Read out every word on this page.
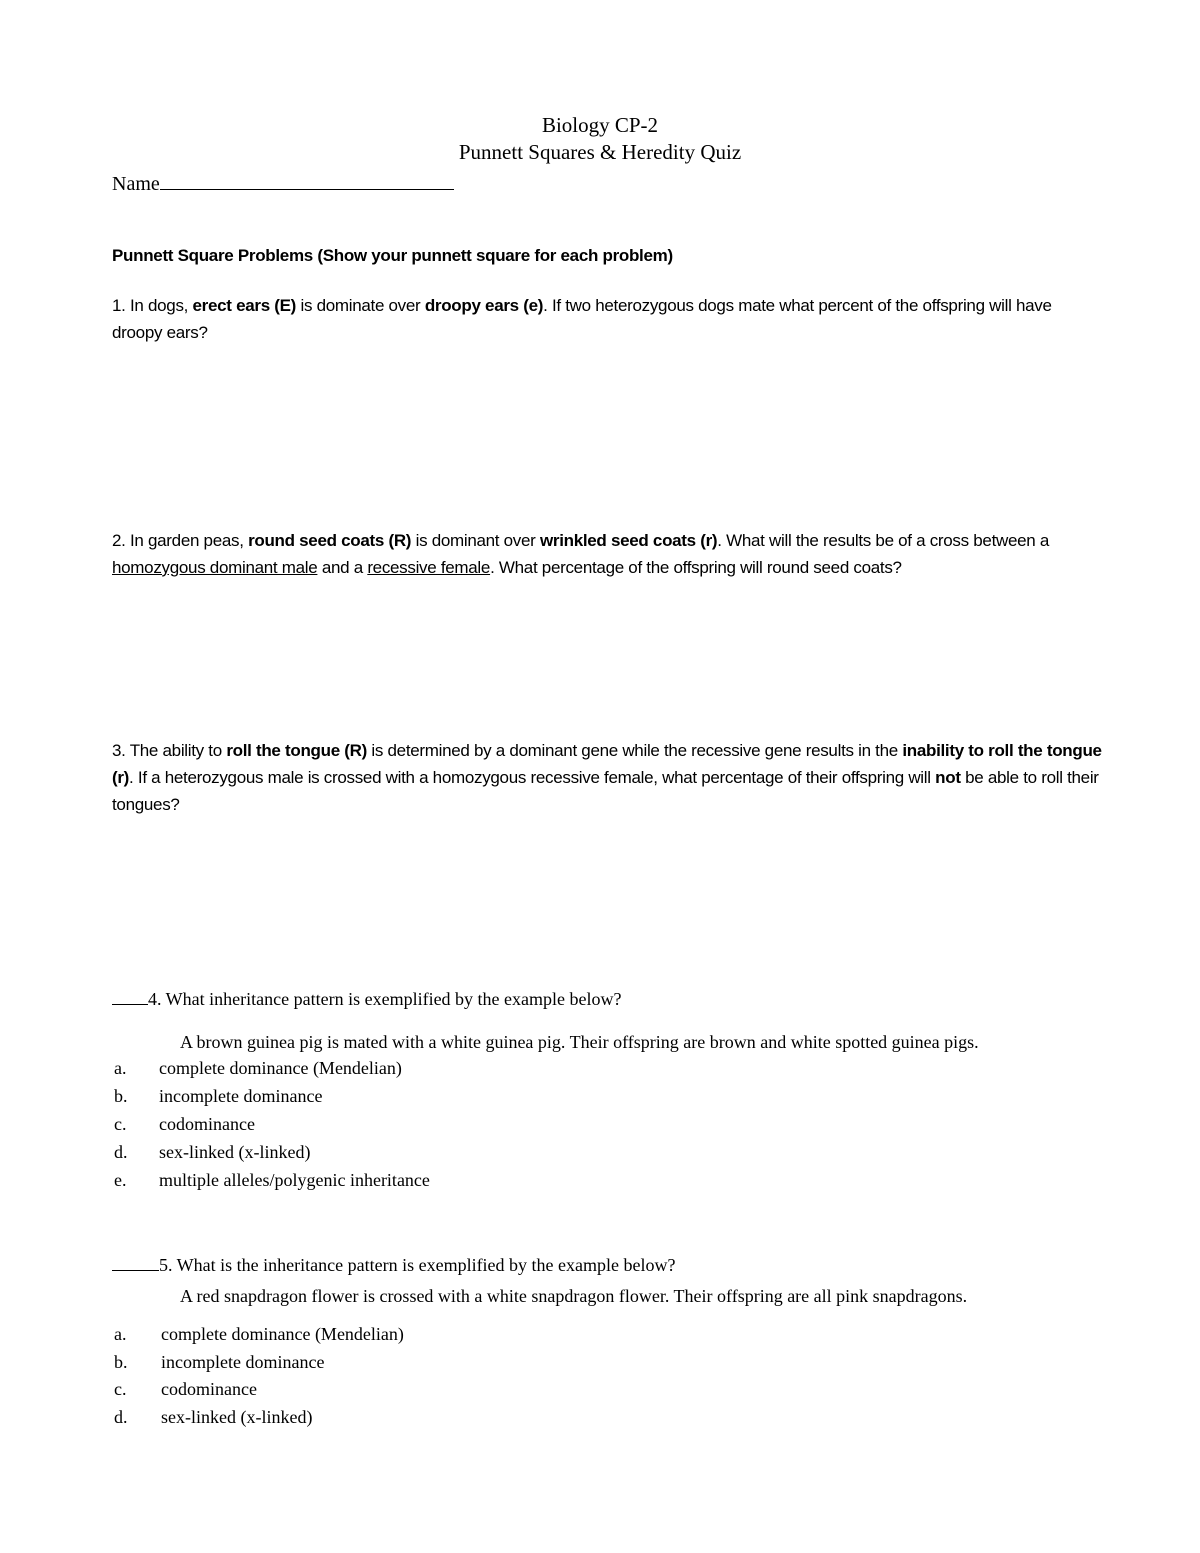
Biology CP-2
Punnett Squares & Heredity Quiz
Name
Punnett Square Problems (Show your punnett square for each problem)
1. In dogs, erect ears (E) is dominate over droopy ears (e). If two heterozygous dogs mate what percent of the offspring will have droopy ears?
2. In garden peas, round seed coats (R) is dominant over wrinkled seed coats (r). What will the results be of a cross between a homozygous dominant male and a recessive female. What percentage of the offspring will round seed coats?
3. The ability to roll the tongue (R) is determined by a dominant gene while the recessive gene results in the inability to roll the tongue (r). If a heterozygous male is crossed with a homozygous recessive female, what percentage of their offspring will not be able to roll their tongues?
4. What inheritance pattern is exemplified by the example below?
A brown guinea pig is mated with a white guinea pig. Their offspring are brown and white spotted guinea pigs.
a. complete dominance (Mendelian)
b. incomplete dominance
c. codominance
d. sex-linked (x-linked)
e. multiple alleles/polygenic inheritance
5. What is the inheritance pattern is exemplified by the example below?
A red snapdragon flower is crossed with a white snapdragon flower. Their offspring are all pink snapdragons.
a. complete dominance (Mendelian)
b. incomplete dominance
c. codominance
d. sex-linked (x-linked)
